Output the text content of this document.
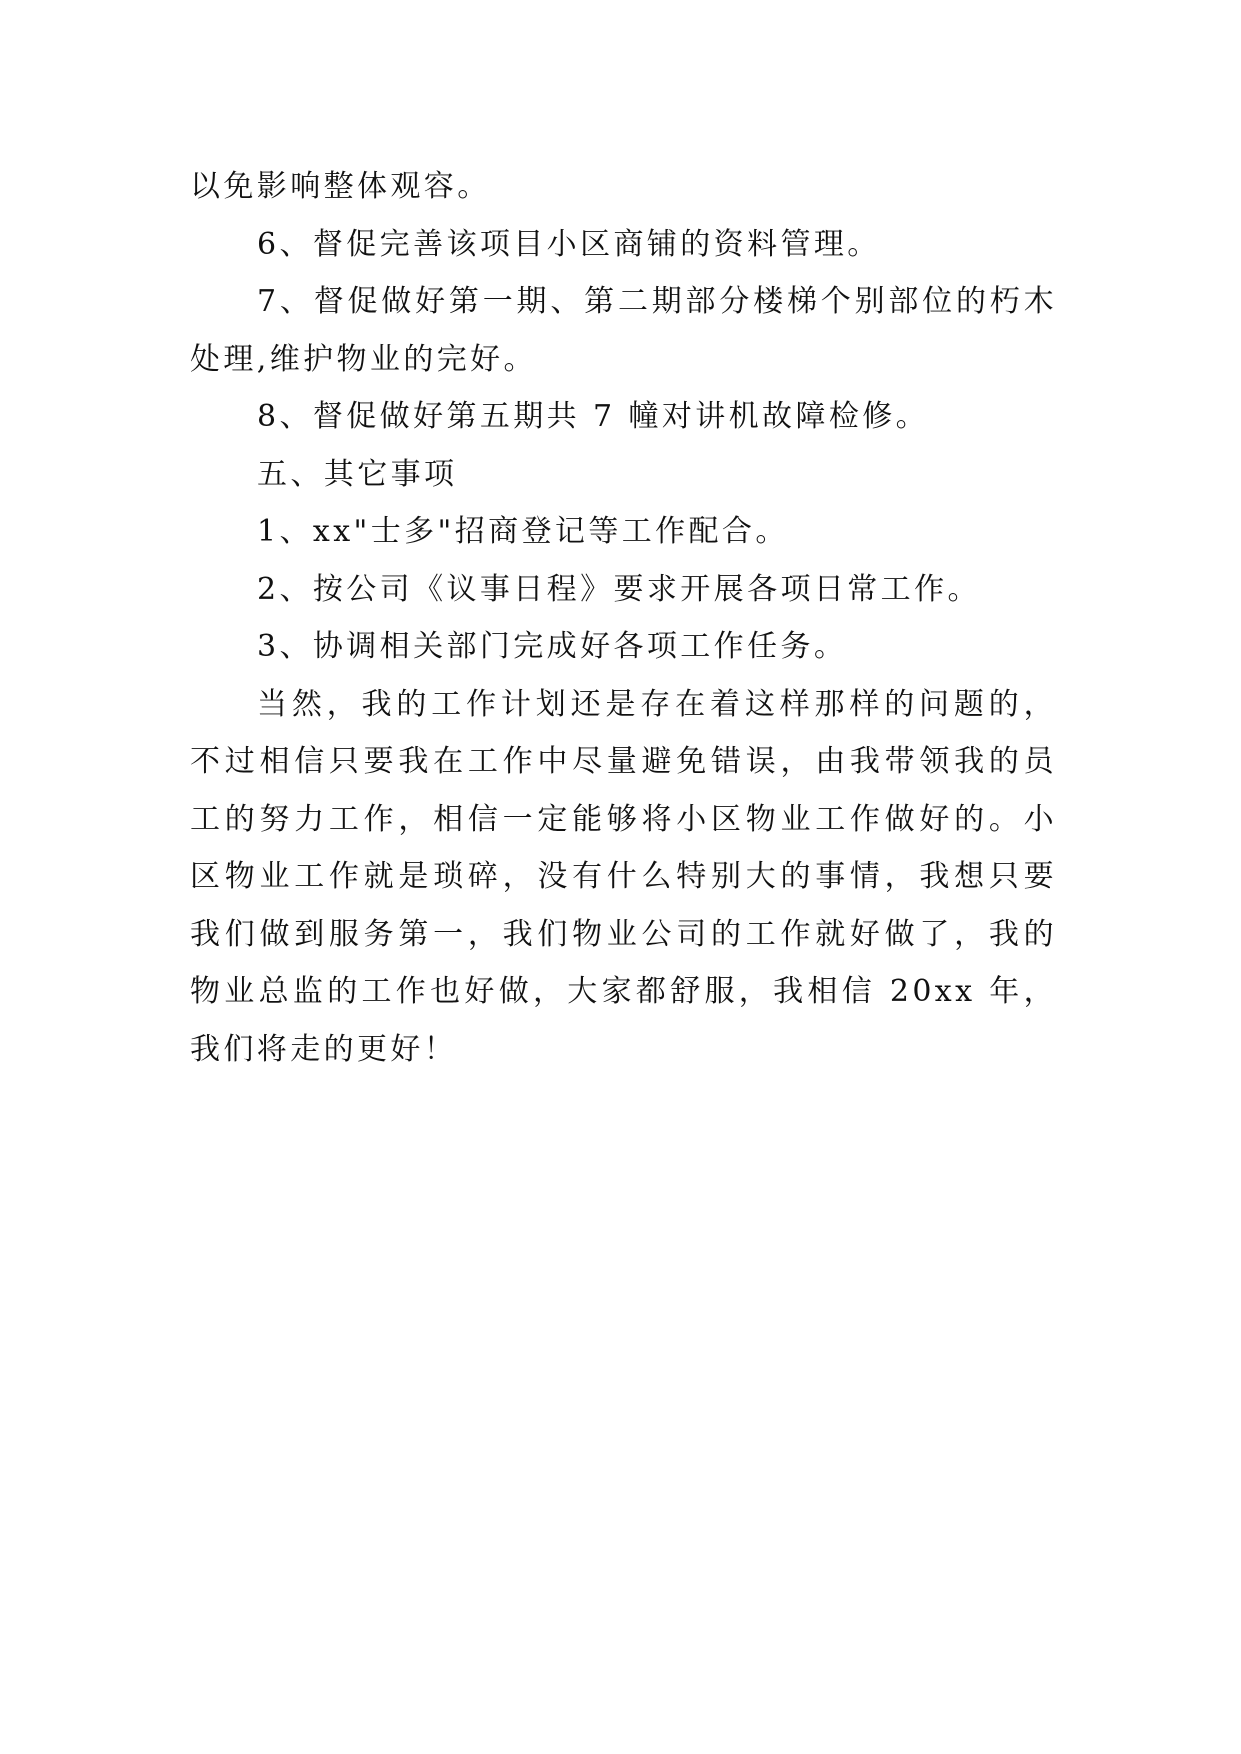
以免影响整体观容。

6、督促完善该项目小区商铺的资料管理。

7、督促做好第一期、第二期部分楼梯个别部位的朽木处理,维护物业的完好。

8、督促做好第五期共 7 幢对讲机故障检修。

五、其它事项

1、xx"士多"招商登记等工作配合。

2、按公司《议事日程》要求开展各项日常工作。

3、协调相关部门完成好各项工作任务。

当然，我的工作计划还是存在着这样那样的问题的，不过相信只要我在工作中尽量避免错误，由我带领我的员工的努力工作，相信一定能够将小区物业工作做好的。小区物业工作就是琐碎，没有什么特别大的事情，我想只要我们做到服务第一，我们物业公司的工作就好做了，我的物业总监的工作也好做，大家都舒服，我相信 20xx 年，我们将走的更好！
